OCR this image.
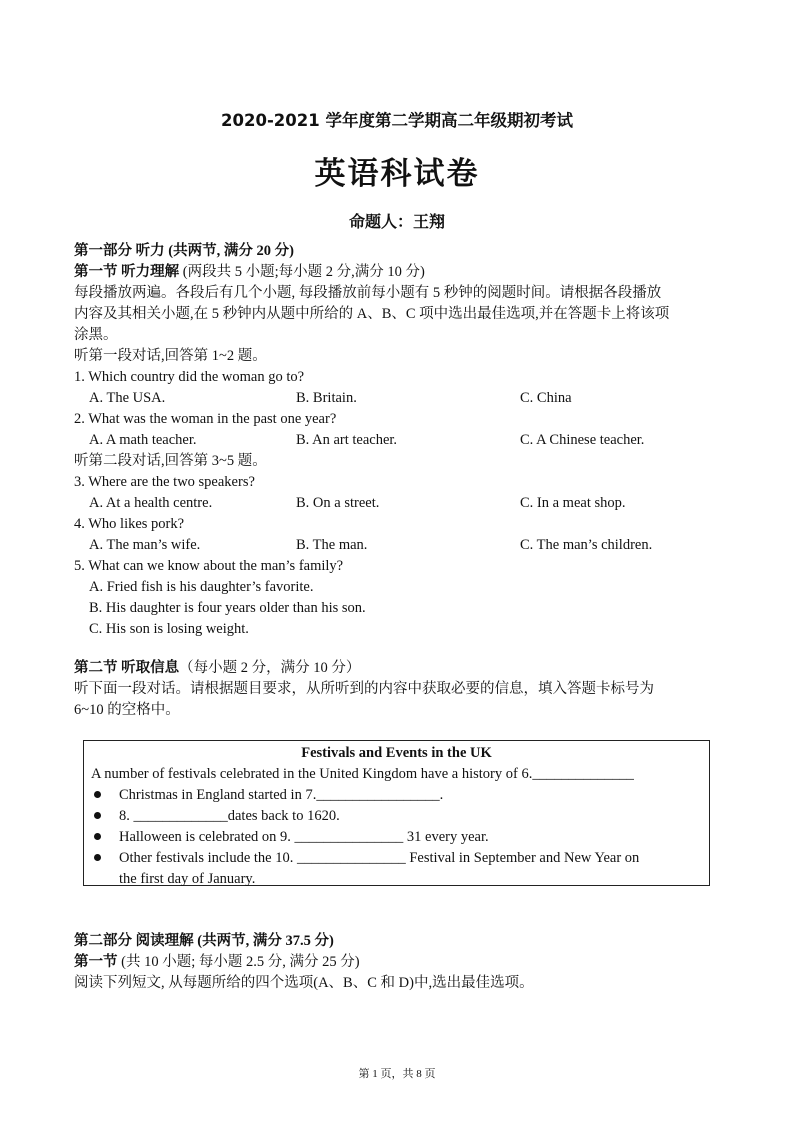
2020-2021 学年度第二学期高二年级期初考试
英语科试卷
命题人：王翔
第一部分 听力 (共两节, 满分 20 分)
第一节 听力理解 (两段共 5 小题;每小题 2 分,满分 10 分)
每段播放两遍。各段后有几个小题, 每段播放前每小题有 5 秒钟的阅题时间。请根据各段播放
内容及其相关小题,在 5 秒钟内从题中所给的 A、B、C 项中选出最佳选项,并在答题卡上将该项
涂黑。
听第一段对话,回答第 1~2 题。
1. Which country did the woman go to?
A. The USA.	B. Britain.	C. China
2. What was the woman in the past one year?
A. A math teacher.	B. An art teacher.	C. A Chinese teacher.
听第二段对话,回答第 3~5 题。
3. Where are the two speakers?
A. At a health centre.	B. On a street.	C. In a meat shop.
4. Who likes pork?
A. The man’s wife.	B. The man.	C. The man’s children.
5. What can we know about the man’s family?
A. Fried fish is his daughter’s favorite.
B. His daughter is four years older than his son.
C. His son is losing weight.
第二节 听取信息（每小题 2 分，满分 10 分）
听下面一段对话。请根据题目要求，从所听到的内容中获取必要的信息，填入答题卡标号为
6~10 的空格中。
Festivals and Events in the UK
A number of festivals celebrated in the United Kingdom have a history of 6.______________
Christmas in England started in 7._________________.
8. _____________dates back to 1620.
Halloween is celebrated on 9. _______________ 31 every year.
Other festivals include the 10. _______________ Festival in September and New Year on
the first day of January.
第二部分 阅读理解 (共两节, 满分 37.5 分)
第一节 (共 10 小题; 每小题 2.5 分, 满分 25 分)
阅读下列短文, 从每题所给的四个选项(A、B、C 和 D)中,选出最佳选项。
第 1 页，共 8 页
